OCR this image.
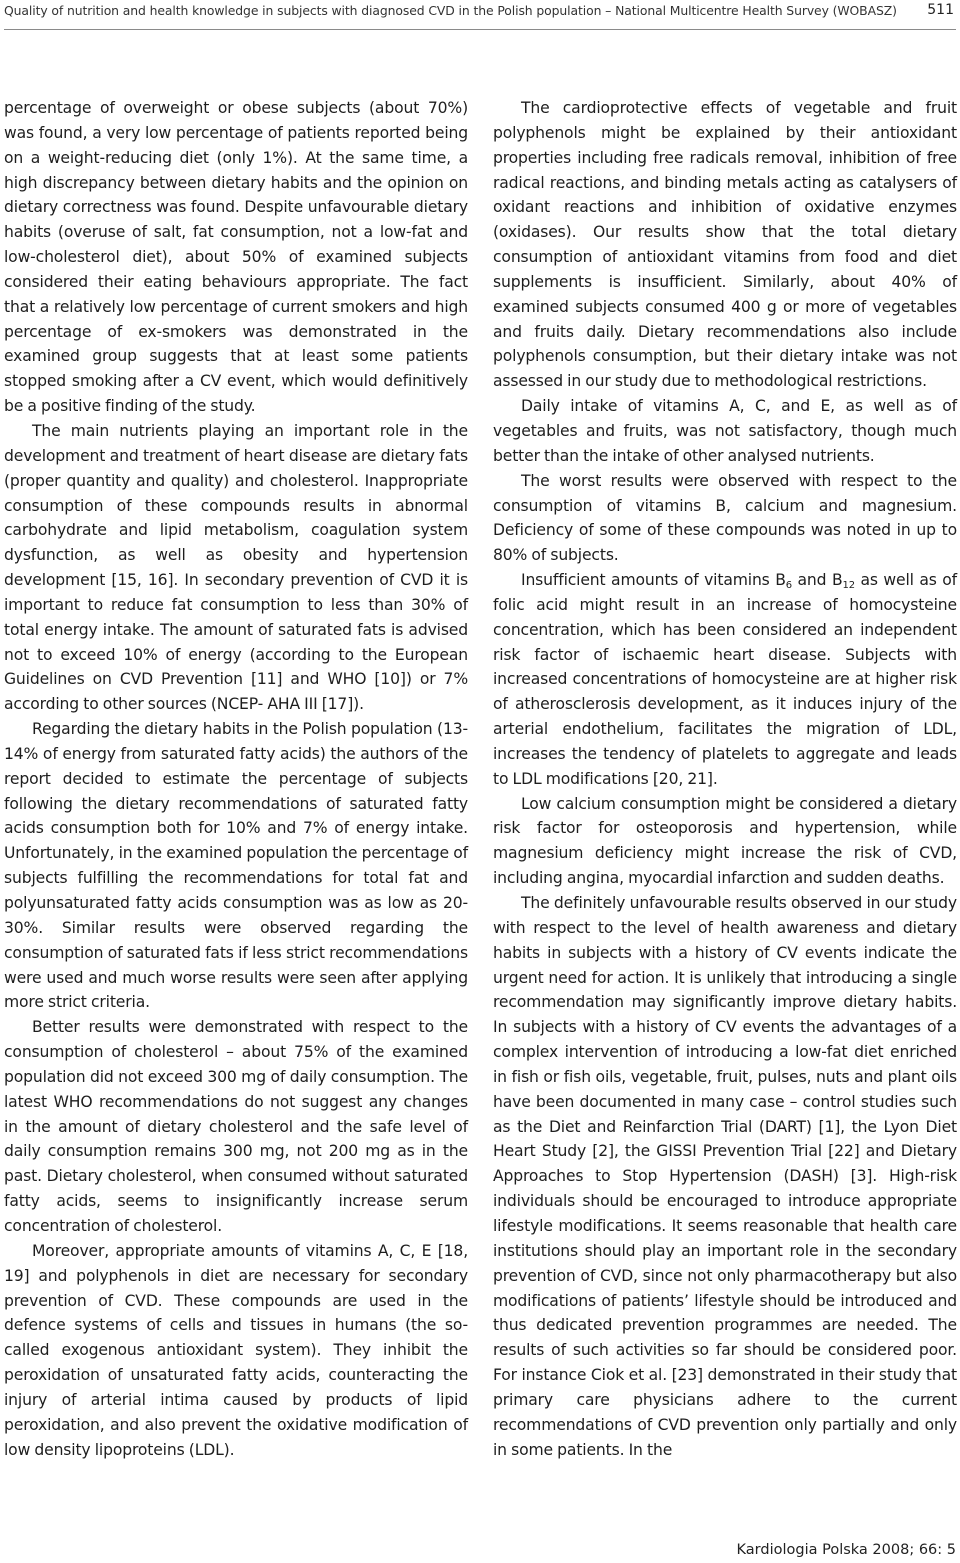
Quality of nutrition and health knowledge in subjects with diagnosed CVD in the Polish population – National Multicentre Health Survey (WOBASZ) 511

percentage of overweight or obese subjects (about 70%) was found, a very low percentage of patients reported being on a weight-reducing diet (only 1%). At the same time, a high discrepancy between dietary habits and the opinion on dietary correctness was found. Despite unfavourable dietary habits (overuse of salt, fat consumption, not a low-fat and low-cholesterol diet), about 50% of examined subjects considered their eating behaviours appropriate. The fact that a relatively low percentage of current smokers and high percentage of ex-smokers was demonstrated in the examined group suggests that at least some patients stopped smoking after a CV event, which would definitively be a positive finding of the study.

The main nutrients playing an important role in the development and treatment of heart disease are dietary fats (proper quantity and quality) and cholesterol. Inappropriate consumption of these compounds results in abnormal carbohydrate and lipid metabolism, coagulation system dysfunction, as well as obesity and hypertension development [15, 16]. In secondary prevention of CVD it is important to reduce fat consumption to less than 30% of total energy intake. The amount of saturated fats is advised not to exceed 10% of energy (according to the European Guidelines on CVD Prevention [11] and WHO [10]) or 7% according to other sources (NCEP- AHA III [17]).

Regarding the dietary habits in the Polish population (13-14% of energy from saturated fatty acids) the authors of the report decided to estimate the percentage of subjects following the dietary recommendations of saturated fatty acids consumption both for 10% and 7% of energy intake. Unfortunately, in the examined population the percentage of subjects fulfilling the recommendations for total fat and polyunsaturated fatty acids consumption was as low as 20-30%. Similar results were observed regarding the consumption of saturated fats if less strict recommendations were used and much worse results were seen after applying more strict criteria.

Better results were demonstrated with respect to the consumption of cholesterol – about 75% of the examined population did not exceed 300 mg of daily consumption. The latest WHO recommendations do not suggest any changes in the amount of dietary cholesterol and the safe level of daily consumption remains 300 mg, not 200 mg as in the past. Dietary cholesterol, when consumed without saturated fatty acids, seems to insignificantly increase serum concentration of cholesterol.

Moreover, appropriate amounts of vitamins A, C, E [18, 19] and polyphenols in diet are necessary for secondary prevention of CVD. These compounds are used in the defence systems of cells and tissues in humans (the so-called exogenous antioxidant system). They inhibit the peroxidation of unsaturated fatty acids, counteracting the injury of arterial intima caused by products of lipid peroxidation, and also prevent the oxidative modification of low density lipoproteins (LDL).

The cardioprotective effects of vegetable and fruit polyphenols might be explained by their antioxidant properties including free radicals removal, inhibition of free radical reactions, and binding metals acting as catalysers of oxidant reactions and inhibition of oxidative enzymes (oxidases). Our results show that the total dietary consumption of antioxidant vitamins from food and diet supplements is insufficient. Similarly, about 40% of examined subjects consumed 400 g or more of vegetables and fruits daily. Dietary recommendations also include polyphenols consumption, but their dietary intake was not assessed in our study due to methodological restrictions.

Daily intake of vitamins A, C, and E, as well as of vegetables and fruits, was not satisfactory, though much better than the intake of other analysed nutrients.

The worst results were observed with respect to the consumption of vitamins B, calcium and magnesium. Deficiency of some of these compounds was noted in up to 80% of subjects.

Insufficient amounts of vitamins $B_6$ and $B_{12}$ as well as of folic acid might result in an increase of homocysteine concentration, which has been considered an independent risk factor of ischaemic heart disease. Subjects with increased concentrations of homocysteine are at higher risk of atherosclerosis development, as it induces injury of the arterial endothelium, facilitates the migration of LDL, increases the tendency of platelets to aggregate and leads to LDL modifications [20, 21].

Low calcium consumption might be considered a dietary risk factor for osteoporosis and hypertension, while magnesium deficiency might increase the risk of CVD, including angina, myocardial infarction and sudden deaths.

The definitely unfavourable results observed in our study with respect to the level of health awareness and dietary habits in subjects with a history of CV events indicate the urgent need for action. It is unlikely that introducing a single recommendation may significantly improve dietary habits. In subjects with a history of CV events the advantages of a complex intervention of introducing a low-fat diet enriched in fish or fish oils, vegetable, fruit, pulses, nuts and plant oils have been documented in many case – control studies such as the Diet and Reinfarction Trial (DART) [1], the Lyon Diet Heart Study [2], the GISSI Prevention Trial [22] and Dietary Approaches to Stop Hypertension (DASH) [3]. High-risk individuals should be encouraged to introduce appropriate lifestyle modifications. It seems reasonable that health care institutions should play an important role in the secondary prevention of CVD, since not only pharmacotherapy but also modifications of patients’ lifestyle should be introduced and thus dedicated prevention programmes are needed. The results of such activities so far should be considered poor. For instance Ciok et al. [23] demonstrated in their study that primary care physicians adhere to the current recommendations of CVD prevention only partially and only in some patients. In the

Kardiologia Polska 2008; 66: 5
